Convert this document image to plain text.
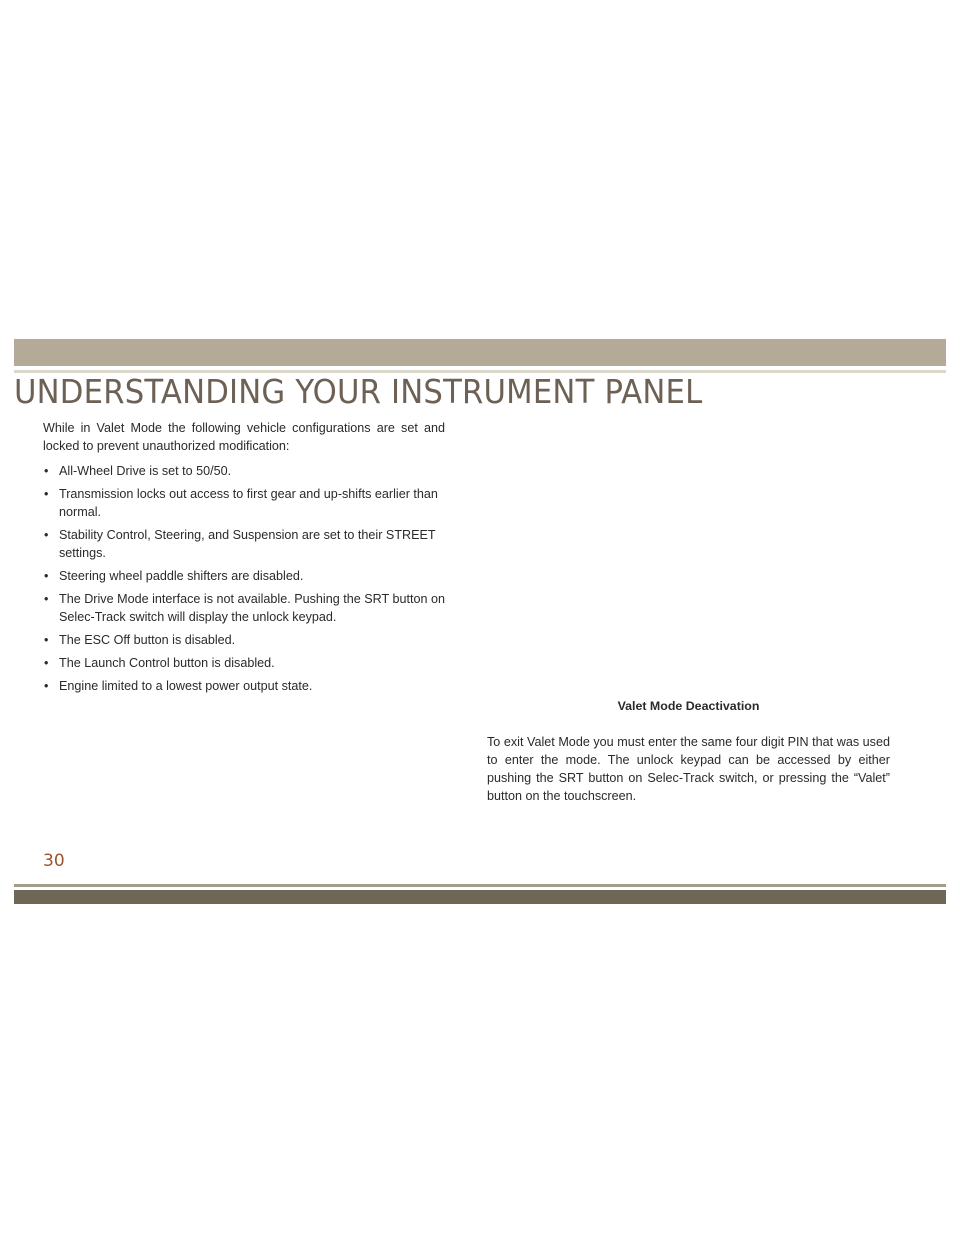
UNDERSTANDING YOUR INSTRUMENT PANEL

While in Valet Mode the following vehicle configurations are set and locked to prevent unauthorized modification:

• All-Wheel Drive is set to 50/50.
• Transmission locks out access to first gear and up-shifts earlier than normal.
• Stability Control, Steering, and Suspension are set to their STREET settings.
• Steering wheel paddle shifters are disabled.
• The Drive Mode interface is not available. Pushing the SRT button on Selec-Track switch will display the unlock keypad.
• The ESC Off button is disabled.
• The Launch Control button is disabled.
• Engine limited to a lowest power output state.
Valet Mode Deactivation

To exit Valet Mode you must enter the same four digit PIN that was used to enter the mode. The unlock keypad can be accessed by either pushing the SRT button on Selec-Track switch, or pressing the “Valet” button on the touchscreen.

30
